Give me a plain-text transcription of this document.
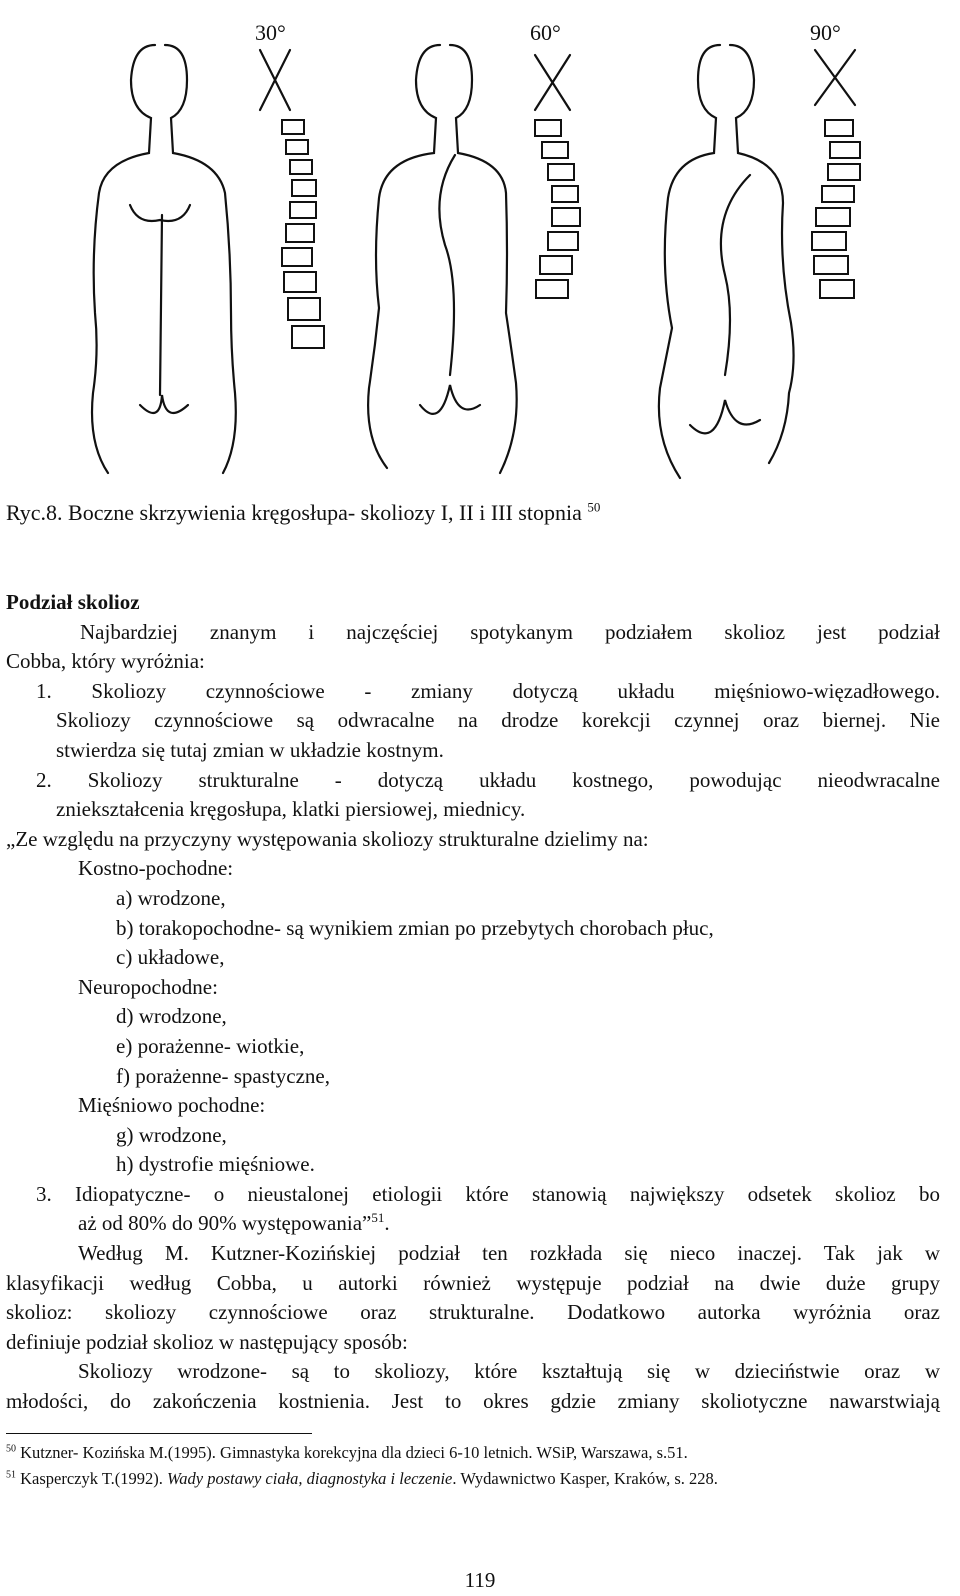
30°	60°	90°
Ryc.8. Boczne skrzywienia kręgosłupa- skoliozy I, II i III stopnia $^{50}$
Podział skolioz
Najbardziej znanym i najczęściej spotykanym podziałem skolioz jest podział
Cobba, który wyróżnia:
1. Skoliozy czynnościowe - zmiany dotyczą układu mięśniowo-więzadłowego.
Skoliozy czynnościowe są odwracalne na drodze korekcji czynnej oraz biernej. Nie
stwierdza się tutaj zmian w układzie kostnym.
2. Skoliozy strukturalne - dotyczą układu kostnego, powodując nieodwracalne
zniekształcenia kręgosłupa, klatki piersiowej, miednicy.
„Ze względu na przyczyny występowania skoliozy strukturalne dzielimy na:
Kostno-pochodne:
a) wrodzone,
b) torakopochodne- są wynikiem zmian po przebytych chorobach płuc,
c) układowe,
Neuropochodne:
d) wrodzone,
e) porażenne- wiotkie,
f) porażenne- spastyczne,
Mięśniowo pochodne:
g) wrodzone,
h) dystrofie mięśniowe.
3. Idiopatyczne- o nieustalonej etiologii które stanowią największy odsetek skolioz bo
aż od 80% do 90% występowania”$^{51}$.
Według M. Kutzner-Kozińskiej podział ten rozkłada się nieco inaczej. Tak jak w
klasyfikacji według Cobba, u autorki również występuje podział na dwie duże grupy
skolioz: skoliozy czynnościowe oraz strukturalne. Dodatkowo autorka wyróżnia oraz
definiuje podział skolioz w następujący sposób:
Skoliozy wrodzone- są to skoliozy, które kształtują się w dzieciństwie oraz w
młodości, do zakończenia kostnienia. Jest to okres gdzie zmiany skoliotyczne nawarstwiają
$^{50}$ Kutzner- Kozińska M.(1995). Gimnastyka korekcyjna dla dzieci 6-10 letnich. WSiP, Warszawa, s.51.
$^{51}$ Kasperczyk T.(1992). Wady postawy ciała, diagnostyka i leczenie. Wydawnictwo Kasper, Kraków, s. 228.
119
